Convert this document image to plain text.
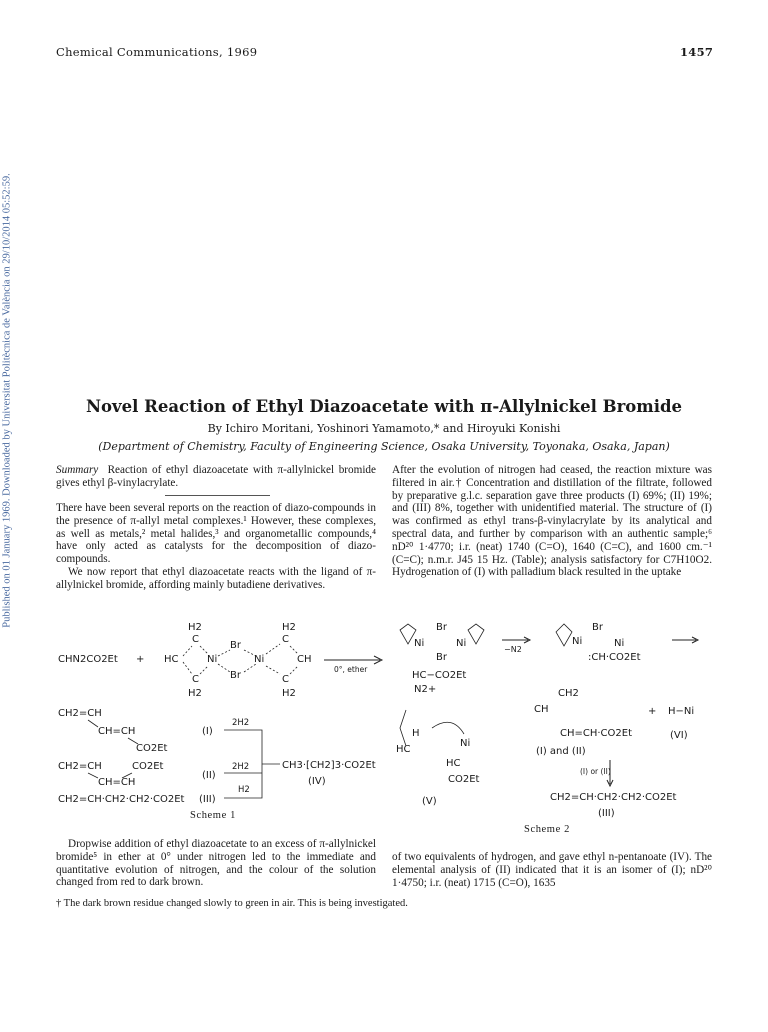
Published on 01 January 1969. Downloaded by Universitat Politècnica de València on 29/10/2014 05:52:59.
Chemical Communications, 1969	1457
Novel Reaction of Ethyl Diazoacetate with π-Allylnickel Bromide
By Ichiro Moritani, Yoshinori Yamamoto,* and Hiroyuki Konishi
(Department of Chemistry, Faculty of Engineering Science, Osaka University, Toyonaka, Osaka, Japan)

Summary Reaction of ethyl diazoacetate with π-allylnickel bromide gives ethyl β-vinylacrylate.

There have been several reports on the reaction of diazo-compounds in the presence of π-allyl metal complexes.¹ However, these complexes, as well as metals,² metal halides,³ and organometallic compounds,⁴ have only acted as catalysts for the decomposition of diazo-compounds.

We now report that ethyl diazoacetate reacts with the ligand of π-allylnickel bromide, affording mainly butadiene derivatives.

After the evolution of nitrogen had ceased, the reaction mixture was filtered in air.† Concentration and distillation of the filtrate, followed by preparative g.l.c. separation gave three products (I) 69%; (II) 19%; and (III) 8%, together with unidentified material. The structure of (I) was confirmed as ethyl trans-β-vinylacrylate by its analytical and spectral data, and further by comparison with an authentic sample;⁶ nD²⁰ 1·4770; i.r. (neat) 1740 (C=O), 1640 (C=C), and 1600 cm.⁻¹ (C=C); n.m.r. J45 15 Hz. (Table); analysis satisfactory for C7H10O2. Hydrogenation of (I) with palladium black resulted in the uptake

CHN2CO2Et +
H2
C
HC
C
H2
Ni
Br
Br
Ni
H2
C
CH
C
H2
0°, ether
CH2=CH
CH=CH
CO2Et
(I)
CH2=CH	CO2Et
CH=CH
(II)
CH2=CH·CH2·CH2·CO2Et (III)
2H2
2H2
H2
CH3·[CH2]3·CO2Et
(IV)
Scheme 1
Ni	Ni
Br
Br
−N2
Ni
Br
Ni
:CH·CO2Et
HC−CO2Et
N2+
H
HC
Ni
HC
CO2Et
(V)
CH2
CH
CH=CH·CO2Et
(I) and (II)
+ H−Ni
(VI)
(I) or (II)
CH2=CH·CH2·CH2·CO2Et
(III)
Scheme 2

Dropwise addition of ethyl diazoacetate to an excess of π-allylnickel bromide⁵ in ether at 0° under nitrogen led to the immediate and quantitative evolution of nitrogen, and the colour of the solution changed from red to dark brown.

of two equivalents of hydrogen, and gave ethyl n-pentanoate (IV). The elemental analysis of (II) indicated that it is an isomer of (I); nD²⁰ 1·4750; i.r. (neat) 1715 (C=O), 1635

† The dark brown residue changed slowly to green in air. This is being investigated.
